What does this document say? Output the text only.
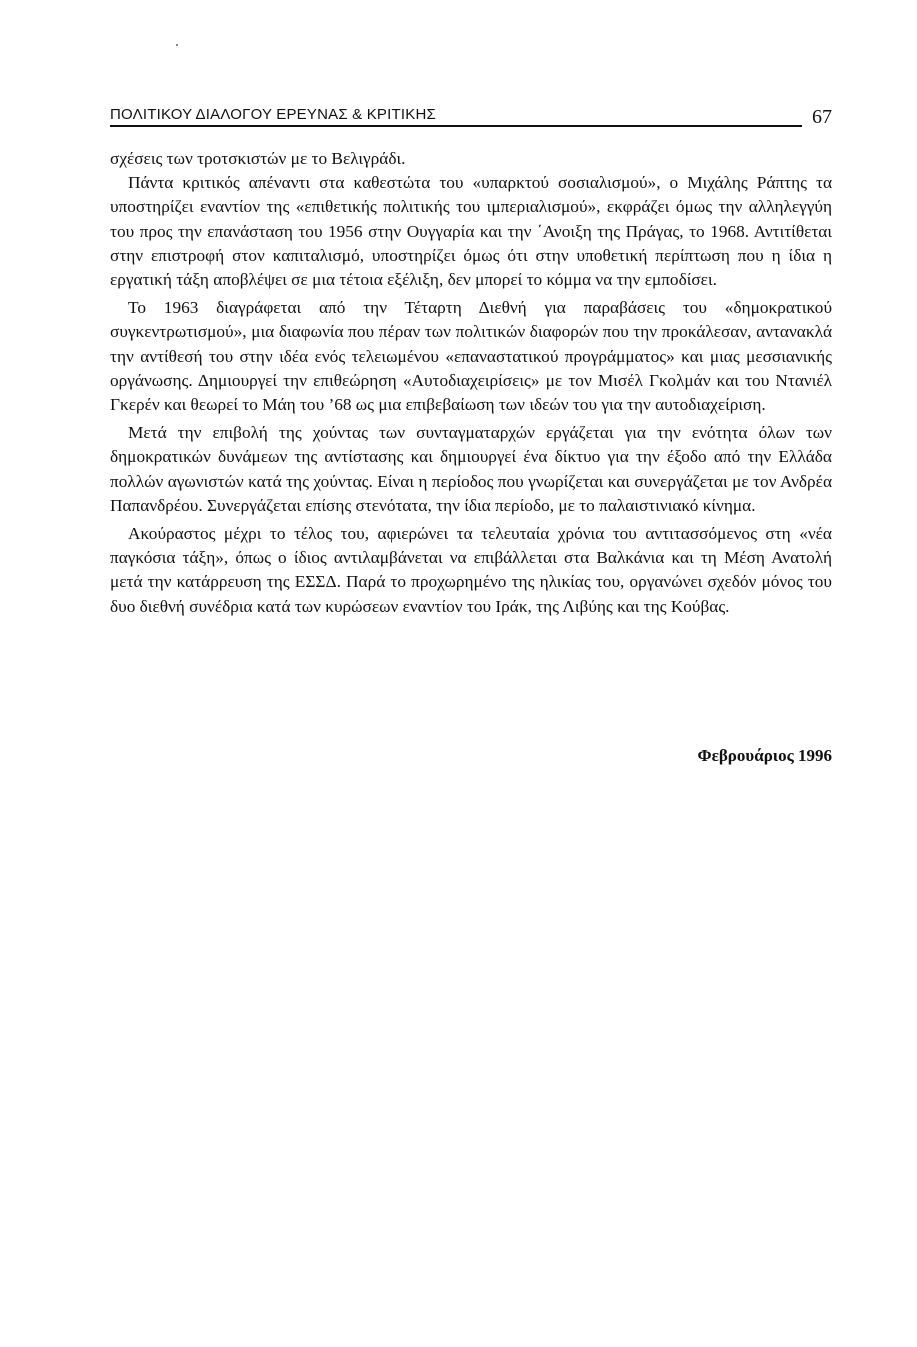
ΠΟΛΙΤΙΚΟΥ ΔΙΑΛΟΓΟΥ ΕΡΕΥΝΑΣ & ΚΡΙΤΙΚΗΣ	67

σχέσεις των τροτσκιστών με το Βελιγράδι.

Πάντα κριτικός απέναντι στα καθεστώτα του «υπαρκτού σοσιαλισμού», ο Μιχάλης Ράπτης τα υποστηρίζει εναντίον της «επιθετικής πολιτικής του ιμπεριαλισμού», εκφράζει όμως την αλληλεγγύη του προς την επανάσταση του 1956 στην Ουγγαρία και την ΄Ανοιξη της Πράγας, το 1968. Αντιτίθεται στην επιστροφή στον καπιταλισμό, υποστηρίζει όμως ότι στην υποθετική περίπτωση που η ίδια η εργατική τάξη αποβλέψει σε μια τέτοια εξέλιξη, δεν μπορεί το κόμμα να την εμποδίσει.

Το 1963 διαγράφεται από την Τέταρτη Διεθνή για παραβάσεις του «δημοκρατικού συγκεντρωτισμού», μια διαφωνία που πέραν των πολιτικών διαφορών που την προκάλεσαν, αντανακλά την αντίθεσή του στην ιδέα ενός τελειωμένου «επαναστατικού προγράμματος» και μιας μεσσιανικής οργάνωσης. Δημιουργεί την επιθεώρηση «Αυτοδιαχειρίσεις» με τον Μισέλ Γκολμάν και του Ντανιέλ Γκερέν και θεωρεί το Μάη του ’68 ως μια επιβεβαίωση των ιδεών του για την αυτοδιαχείριση.

Μετά την επιβολή της χούντας των συνταγματαρχών εργάζεται για την ενότητα όλων των δημοκρατικών δυνάμεων της αντίστασης και δημιουργεί ένα δίκτυο για την έξοδο από την Ελλάδα πολλών αγωνιστών κατά της χούντας. Είναι η περίοδος που γνωρίζεται και συνεργάζεται με τον Ανδρέα Παπανδρέου. Συνεργάζεται επίσης στενότατα, την ίδια περίοδο, με το παλαιστινιακό κίνημα.

Ακούραστος μέχρι το τέλος του, αφιερώνει τα τελευταία χρόνια του αντιτασσόμενος στη «νέα παγκόσια τάξη», όπως ο ίδιος αντιλαμβάνεται να επιβάλλεται στα Βαλκάνια και τη Μέση Ανατολή μετά την κατάρρευση της ΕΣΣΔ. Παρά το προχωρημένο της ηλικίας του, οργανώνει σχεδόν μόνος του δυο διεθνή συνέδρια κατά των κυρώσεων εναντίον του Ιράκ, της Λιβύης και της Κούβας.

Φεβρουάριος 1996
